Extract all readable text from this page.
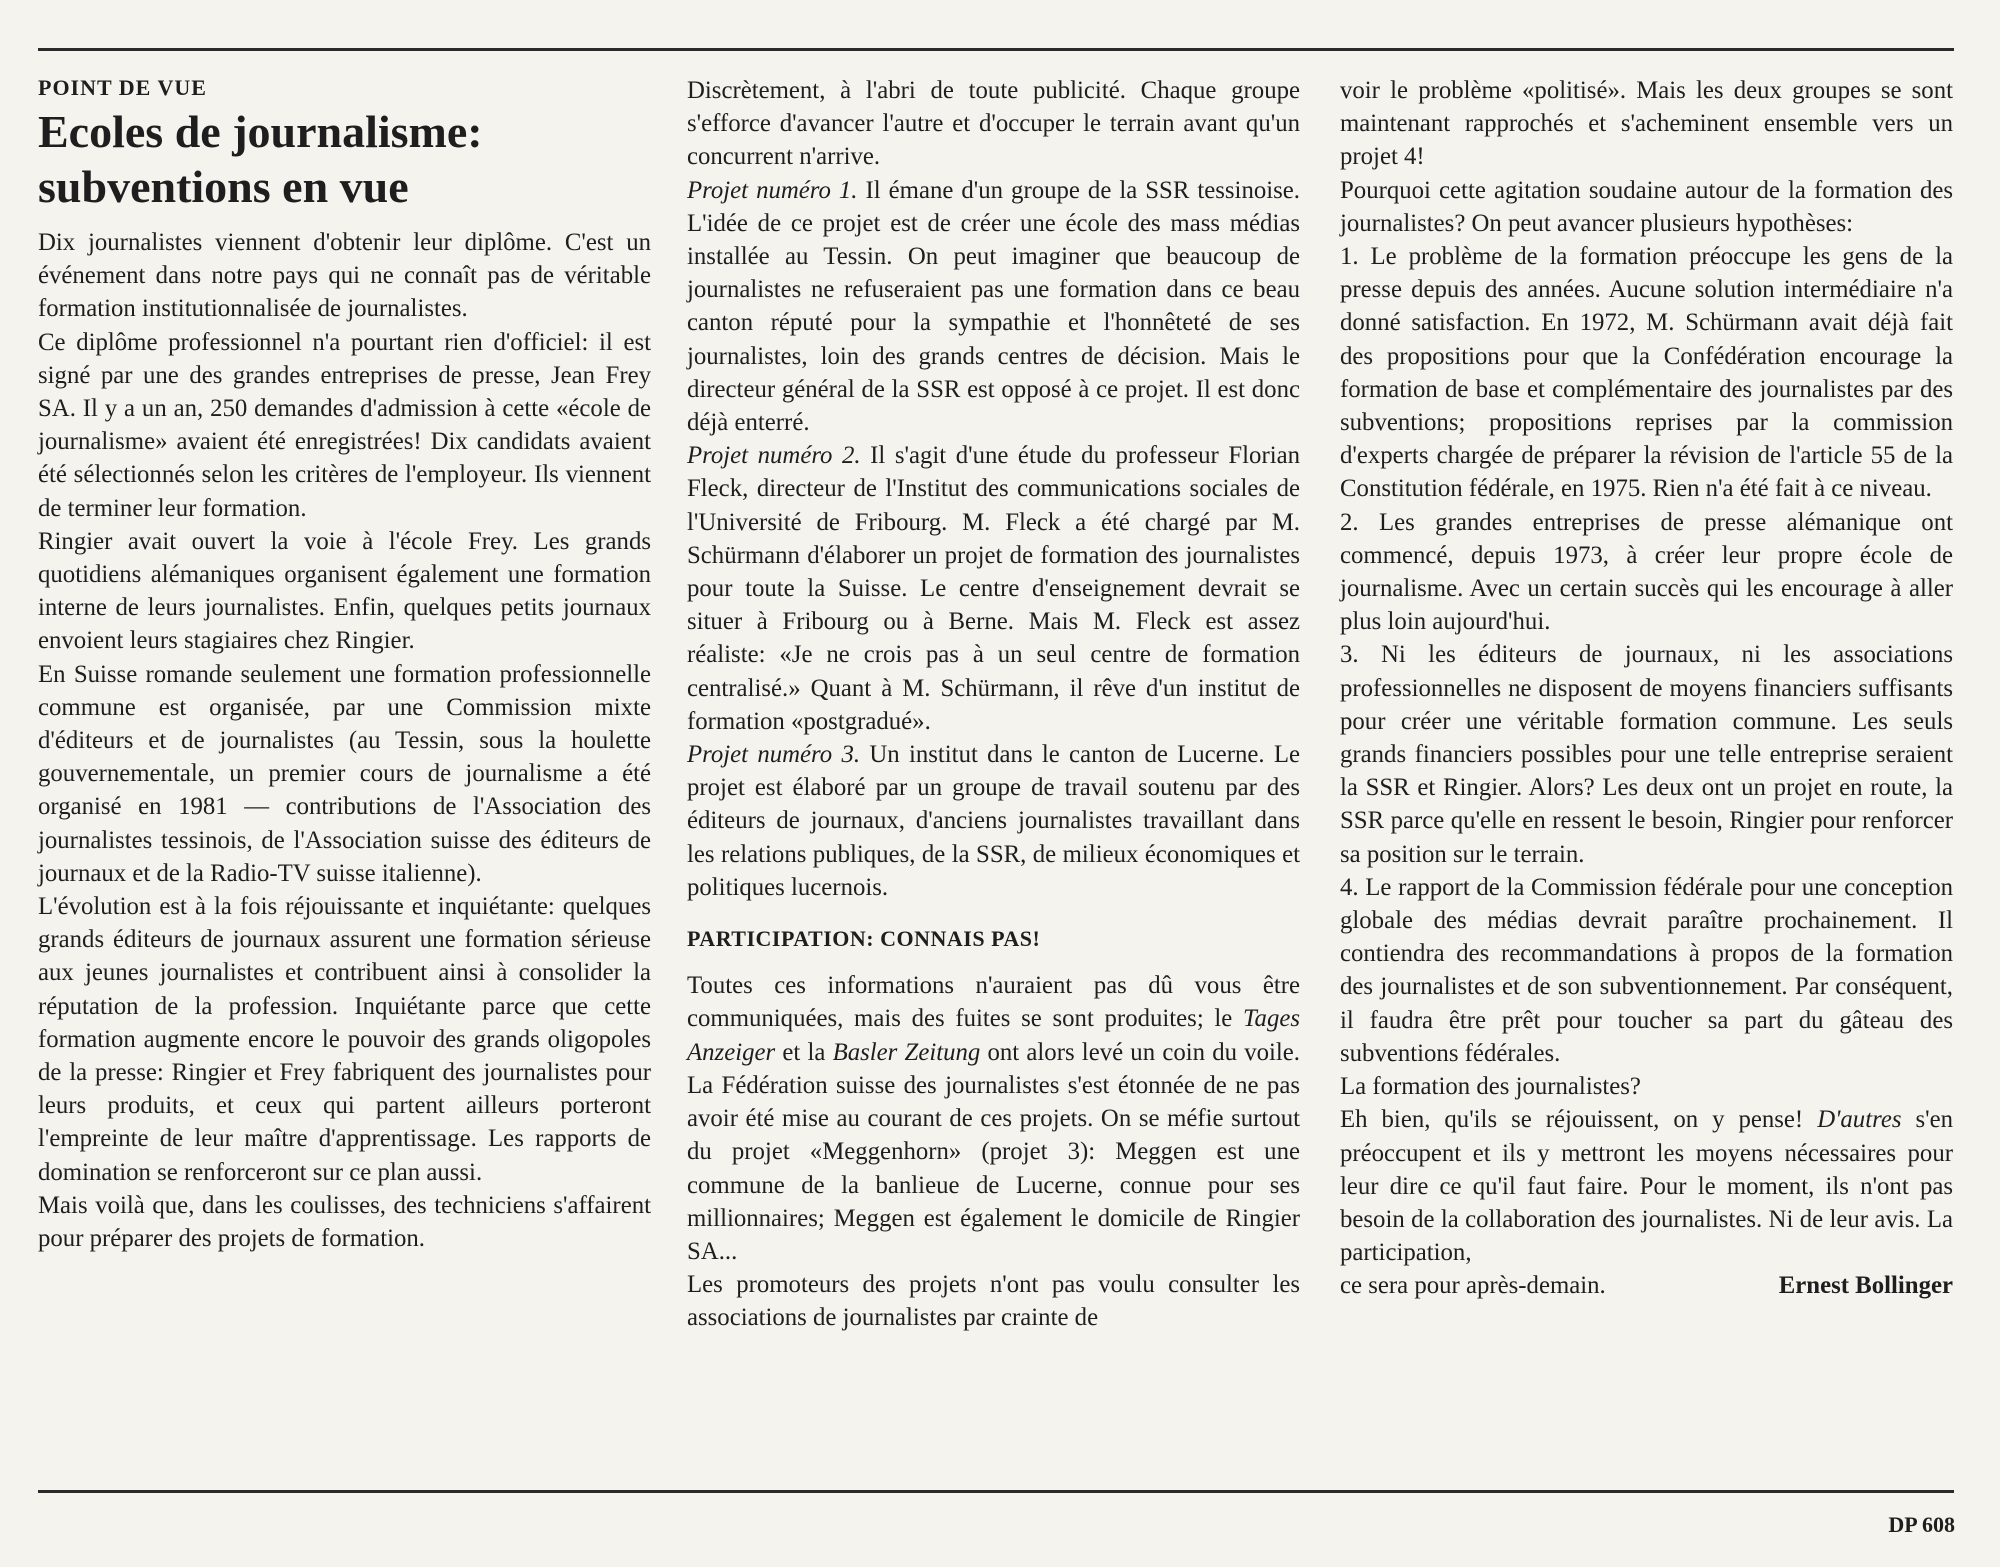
POINT DE VUE

Ecoles de journalisme:
subventions en vue

Dix journalistes viennent d'obtenir leur diplôme. C'est un événement dans notre pays qui ne connaît pas de véritable formation institutionnalisée de journalistes.

Ce diplôme professionnel n'a pourtant rien d'officiel: il est signé par une des grandes entreprises de presse, Jean Frey SA. Il y a un an, 250 demandes d'admission à cette «école de journalisme» avaient été enregistrées! Dix candidats avaient été sélectionnés selon les critères de l'employeur. Ils viennent de terminer leur formation.

Ringier avait ouvert la voie à l'école Frey. Les grands quotidiens alémaniques organisent également une formation interne de leurs journalistes. Enfin, quelques petits journaux envoient leurs stagiaires chez Ringier.

En Suisse romande seulement une formation professionnelle commune est organisée, par une Commission mixte d'éditeurs et de journalistes (au Tessin, sous la houlette gouvernementale, un premier cours de journalisme a été organisé en 1981 — contributions de l'Association des journalistes tessinois, de l'Association suisse des éditeurs de journaux et de la Radio-TV suisse italienne).

L'évolution est à la fois réjouissante et inquiétante: quelques grands éditeurs de journaux assurent une formation sérieuse aux jeunes journalistes et contribuent ainsi à consolider la réputation de la profession. Inquiétante parce que cette formation augmente encore le pouvoir des grands oligopoles de la presse: Ringier et Frey fabriquent des journalistes pour leurs produits, et ceux qui partent ailleurs porteront l'empreinte de leur maître d'apprentissage. Les rapports de domination se renforceront sur ce plan aussi.

Mais voilà que, dans les coulisses, des techniciens s'affairent pour préparer des projets de formation.

Discrètement, à l'abri de toute publicité. Chaque groupe s'efforce d'avancer l'autre et d'occuper le terrain avant qu'un concurrent n'arrive.

Projet numéro 1. Il émane d'un groupe de la SSR tessinoise. L'idée de ce projet est de créer une école des mass médias installée au Tessin. On peut imaginer que beaucoup de journalistes ne refuseraient pas une formation dans ce beau canton réputé pour la sympathie et l'honnêteté de ses journalistes, loin des grands centres de décision. Mais le directeur général de la SSR est opposé à ce projet. Il est donc déjà enterré.

Projet numéro 2. Il s'agit d'une étude du professeur Florian Fleck, directeur de l'Institut des communications sociales de l'Université de Fribourg. M. Fleck a été chargé par M. Schürmann d'élaborer un projet de formation des journalistes pour toute la Suisse. Le centre d'enseignement devrait se situer à Fribourg ou à Berne. Mais M. Fleck est assez réaliste: «Je ne crois pas à un seul centre de formation centralisé.» Quant à M. Schürmann, il rêve d'un institut de formation «postgradué».

Projet numéro 3. Un institut dans le canton de Lucerne. Le projet est élaboré par un groupe de travail soutenu par des éditeurs de journaux, d'anciens journalistes travaillant dans les relations publiques, de la SSR, de milieux économiques et politiques lucernois.

PARTICIPATION: CONNAIS PAS!

Toutes ces informations n'auraient pas dû vous être communiquées, mais des fuites se sont produites; le Tages Anzeiger et la Basler Zeitung ont alors levé un coin du voile. La Fédération suisse des journalistes s'est étonnée de ne pas avoir été mise au courant de ces projets. On se méfie surtout du projet «Meggenhorn» (projet 3): Meggen est une commune de la banlieue de Lucerne, connue pour ses millionnaires; Meggen est également le domicile de Ringier SA...

Les promoteurs des projets n'ont pas voulu consulter les associations de journalistes par crainte de

voir le problème «politisé». Mais les deux groupes se sont maintenant rapprochés et s'acheminent ensemble vers un projet 4!

Pourquoi cette agitation soudaine autour de la formation des journalistes? On peut avancer plusieurs hypothèses:

1. Le problème de la formation préoccupe les gens de la presse depuis des années. Aucune solution intermédiaire n'a donné satisfaction. En 1972, M. Schürmann avait déjà fait des propositions pour que la Confédération encourage la formation de base et complémentaire des journalistes par des subventions; propositions reprises par la commission d'experts chargée de préparer la révision de l'article 55 de la Constitution fédérale, en 1975. Rien n'a été fait à ce niveau.

2. Les grandes entreprises de presse alémanique ont commencé, depuis 1973, à créer leur propre école de journalisme. Avec un certain succès qui les encourage à aller plus loin aujourd'hui.

3. Ni les éditeurs de journaux, ni les associations professionnelles ne disposent de moyens financiers suffisants pour créer une véritable formation commune. Les seuls grands financiers possibles pour une telle entreprise seraient la SSR et Ringier. Alors? Les deux ont un projet en route, la SSR parce qu'elle en ressent le besoin, Ringier pour renforcer sa position sur le terrain.

4. Le rapport de la Commission fédérale pour une conception globale des médias devrait paraître prochainement. Il contiendra des recommandations à propos de la formation des journalistes et de son subventionnement. Par conséquent, il faudra être prêt pour toucher sa part du gâteau des subventions fédérales.

La formation des journalistes?

Eh bien, qu'ils se réjouissent, on y pense! D'autres s'en préoccupent et ils y mettront les moyens nécessaires pour leur dire ce qu'il faut faire. Pour le moment, ils n'ont pas besoin de la collaboration des journalistes. Ni de leur avis. La participation,

ce sera pour après-demain.	Ernest Bollinger

DP 608
